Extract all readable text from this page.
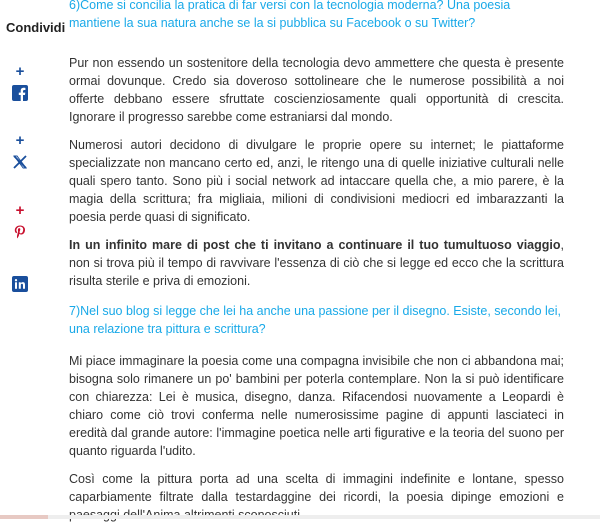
Condividi
+
+
+

6)Come si concilia la pratica di far versi con la tecnologia moderna? Una poesia mantiene la sua natura anche se la si pubblica su Facebook o su Twitter?

Pur non essendo un sostenitore della tecnologia devo ammettere che questa è presente ormai dovunque. Credo sia doveroso sottolineare che le numerose possibilità a noi offerte debbano essere sfruttate coscienziosamente quali opportunità di crescita. Ignorare il progresso sarebbe come estraniarsi dal mondo.

Numerosi autori decidono di divulgare le proprie opere su internet; le piattaforme specializzate non mancano certo ed, anzi, le ritengo una di quelle iniziative culturali nelle quali spero tanto. Sono più i social network ad intaccare quella che, a mio parere, è la magia della scrittura; fra migliaia, milioni di condivisioni mediocri ed imbarazzanti la poesia perde quasi di significato.

In un infinito mare di post che ti invitano a continuare il tuo tumultuoso viaggio, non si trova più il tempo di ravvivare l'essenza di ciò che si legge ed ecco che la scrittura risulta sterile e priva di emozioni.

7)Nel suo blog si legge che lei ha anche una passione per il disegno. Esiste, secondo lei, una relazione tra pittura e scrittura?

Mi piace immaginare la poesia come una compagna invisibile che non ci abbandona mai; bisogna solo rimanere un po' bambini per poterla contemplare. Non la si può identificare con chiarezza: Lei è musica, disegno, danza. Rifacendosi nuovamente a Leopardi è chiaro come ciò trovi conferma nelle numerosissime pagine di appunti lasciateci in eredità dal grande autore: l'immagine poetica nelle arti figurative e la teoria del suono per quanto riguarda l'udito.

Così come la pittura porta ad una scelta di immagini indefinite e lontane, spesso caparbiamente filtrate dalla testardaggine dei ricordi, la poesia dipinge emozioni e
